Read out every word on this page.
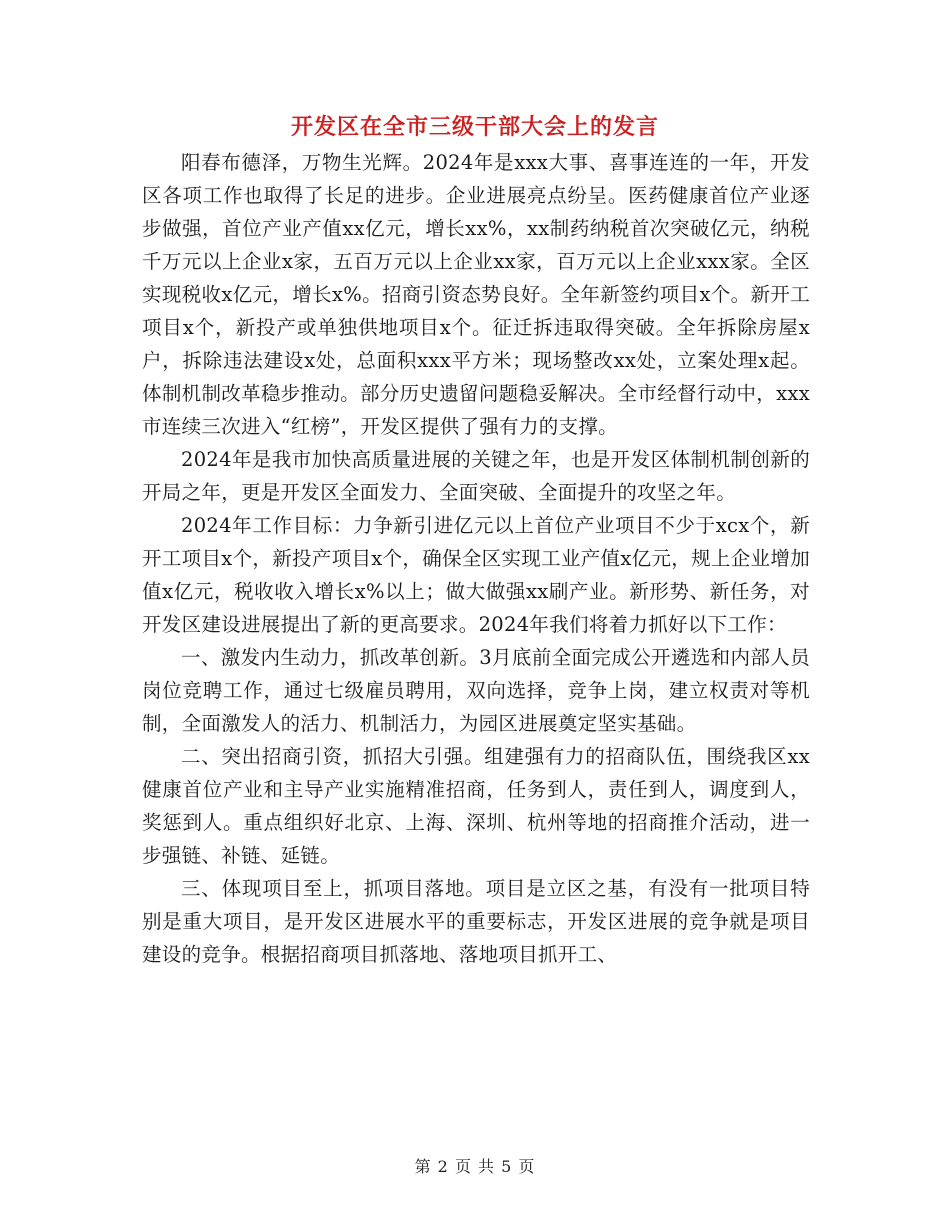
开发区在全市三级干部大会上的发言

阳春布德泽，万物生光辉。2024年是xxx大事、喜事连连的一年，开发区各项工作也取得了长足的进步。企业进展亮点纷呈。医药健康首位产业逐步做强，首位产业产值xx亿元，增长xx%，xx制药纳税首次突破亿元，纳税千万元以上企业x家，五百万元以上企业xx家，百万元以上企业xxx家。全区实现税收x亿元，增长x%。招商引资态势良好。全年新签约项目x个。新开工项目x个，新投产或单独供地项目x个。征迁拆违取得突破。全年拆除房屋x户，拆除违法建设x处，总面积xxx平方米；现场整改xx处，立案处理x起。体制机制改革稳步推动。部分历史遗留问题稳妥解决。全市经督行动中，xxx市连续三次进入“红榜”，开发区提供了强有力的支撑。

2024年是我市加快高质量进展的关键之年，也是开发区体制机制创新的开局之年，更是开发区全面发力、全面突破、全面提升的攻坚之年。

2024年工作目标：力争新引进亿元以上首位产业项目不少于xcx个，新开工项目x个，新投产项目x个，确保全区实现工业产值x亿元，规上企业增加值x亿元，税收收入增长x%以上；做大做强xx刷产业。新形势、新任务，对开发区建设进展提出了新的更高要求。2024年我们将着力抓好以下工作：

一、激发内生动力，抓改革创新。3月底前全面完成公开遴选和内部人员岗位竞聘工作，通过七级雇员聘用，双向选择，竞争上岗，建立权责对等机制，全面激发人的活力、机制活力，为园区进展奠定坚实基础。

二、突出招商引资，抓招大引强。组建强有力的招商队伍，围绕我区xx健康首位产业和主导产业实施精准招商，任务到人，责任到人，调度到人，奖惩到人。重点组织好北京、上海、深圳、杭州等地的招商推介活动，进一步强链、补链、延链。

三、体现项目至上，抓项目落地。项目是立区之基，有没有一批项目特别是重大项目，是开发区进展水平的重要标志，开发区进展的竞争就是项目建设的竞争。根据招商项目抓落地、落地项目抓开工、

第 2 页 共 5 页
